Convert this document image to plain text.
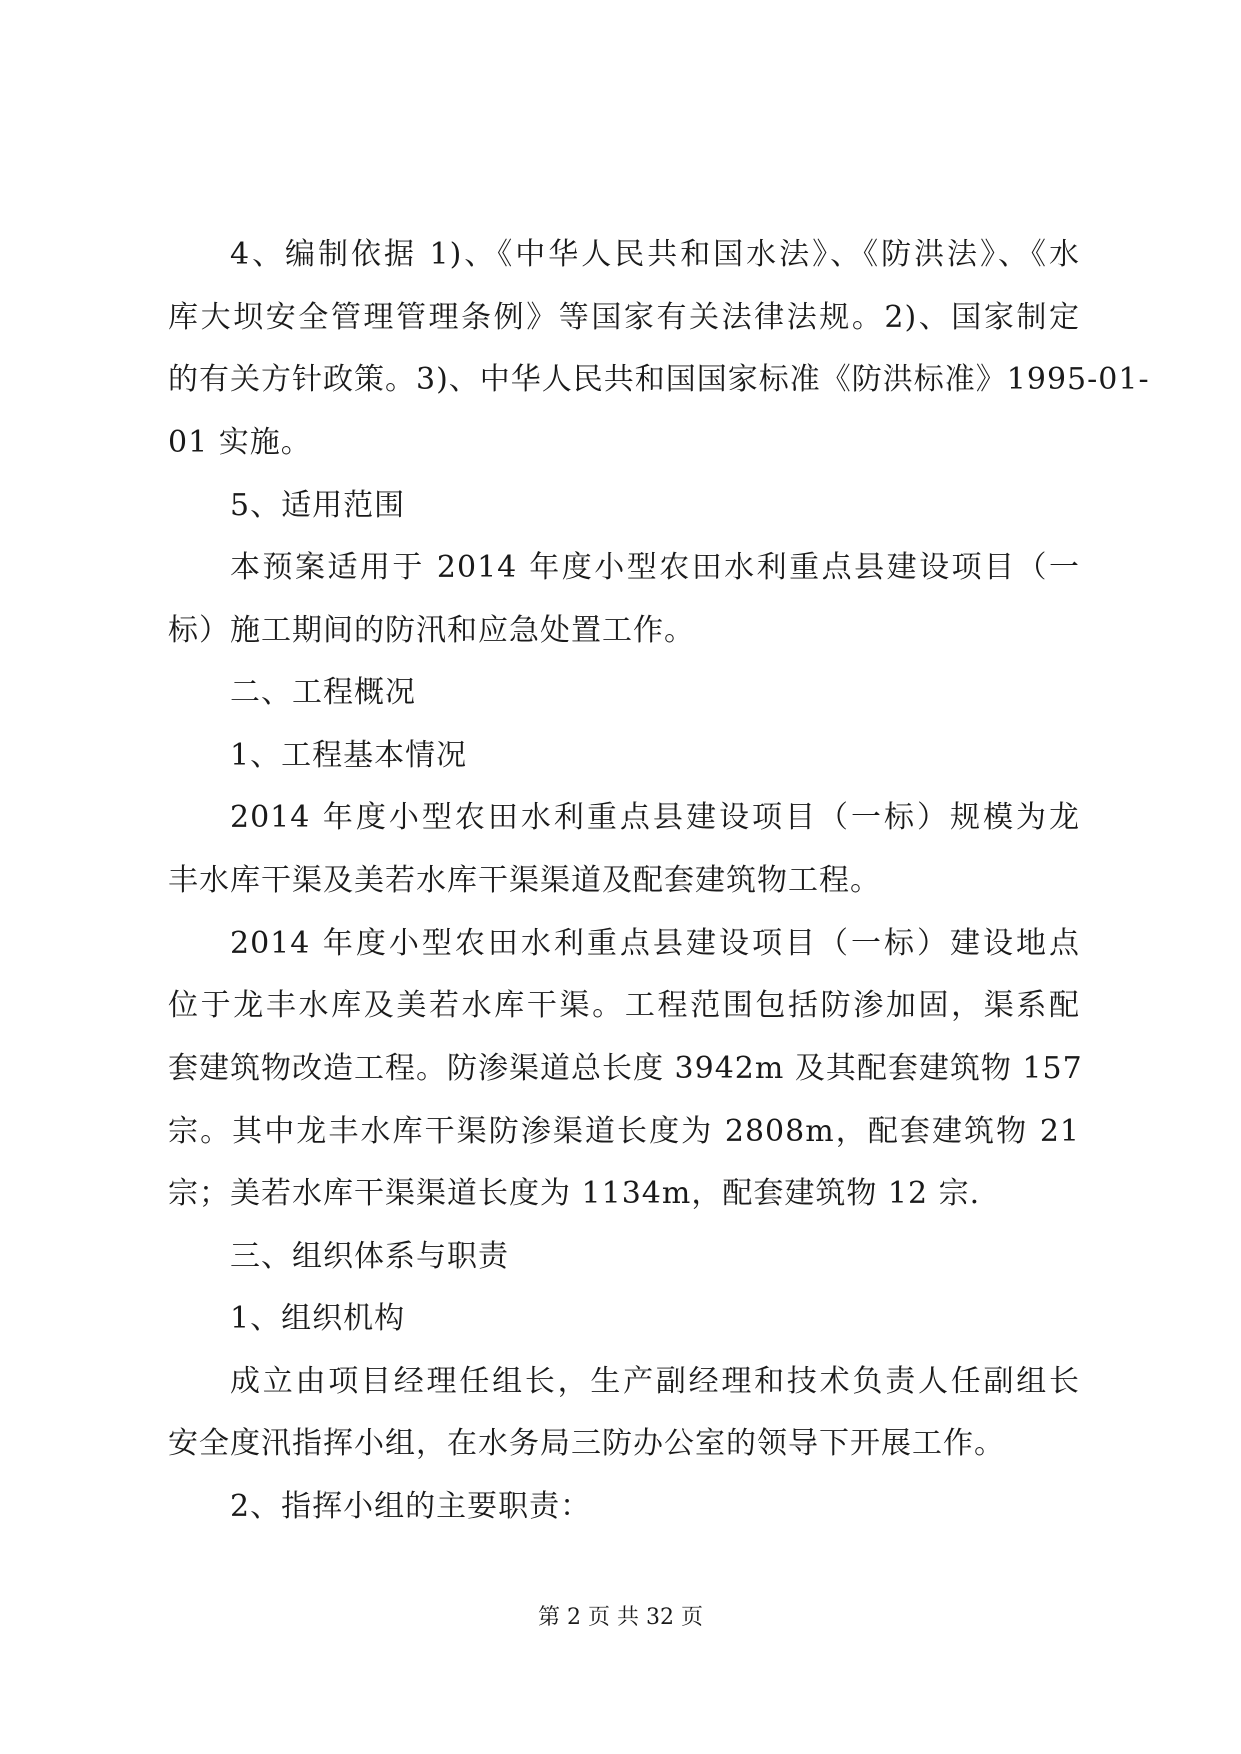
4、编制依据 1)、《中华人民共和国水法》、《防洪法》、《水
库大坝安全管理管理条例》等国家有关法律法规。2)、国家制定
的有关方针政策。3)、中华人民共和国国家标准《防洪标准》1995-01-
01 实施。
5、适用范围
本预案适用于 2014 年度小型农田水利重点县建设项目（一
标）施工期间的防汛和应急处置工作。
二、工程概况
1、工程基本情况
2014 年度小型农田水利重点县建设项目（一标）规模为龙
丰水库干渠及美若水库干渠渠道及配套建筑物工程。
2014 年度小型农田水利重点县建设项目（一标）建设地点
位于龙丰水库及美若水库干渠。工程范围包括防渗加固，渠系配
套建筑物改造工程。防渗渠道总长度 3942m 及其配套建筑物 157
宗。其中龙丰水库干渠防渗渠道长度为 2808m，配套建筑物 21
宗；美若水库干渠渠道长度为 1134m，配套建筑物 12 宗.
三、组织体系与职责
1、组织机构
成立由项目经理任组长，生产副经理和技术负责人任副组长
安全度汛指挥小组，在水务局三防办公室的领导下开展工作。
2、指挥小组的主要职责：
第 2 页 共 32 页
